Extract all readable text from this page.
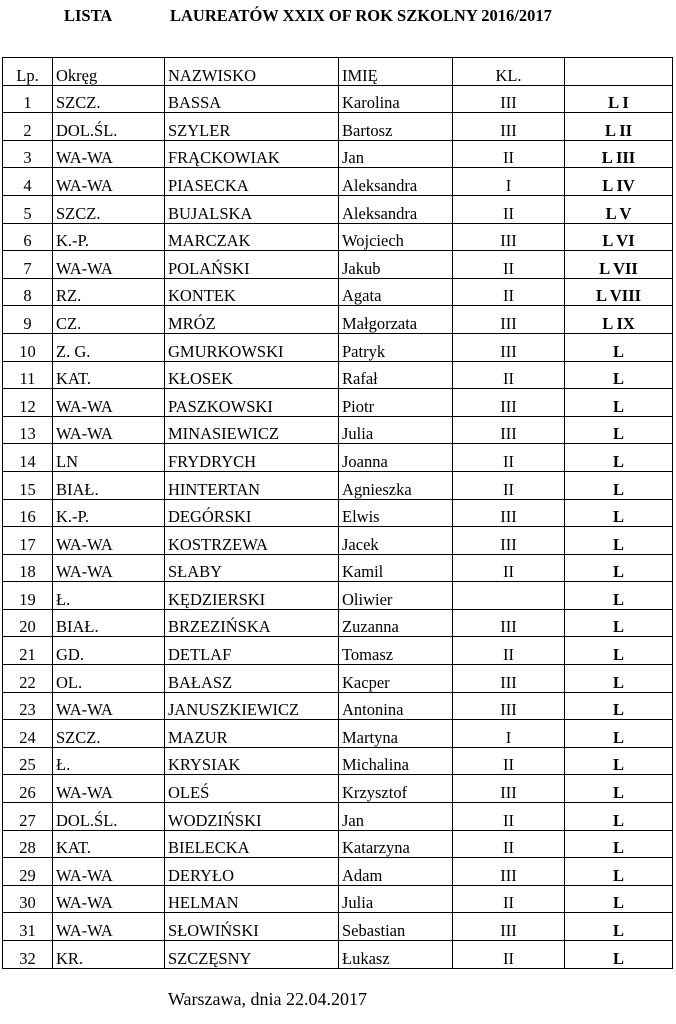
LISTA	LAUREATÓW XXIX OF ROK SZKOLNY 2016/2017
Lp.	Okręg	NAZWISKO	IMIĘ	KL.	
1	SZCZ.	BASSA	Karolina	III	L I
2	DOL.ŚL.	SZYLER	Bartosz	III	L II
3	WA-WA	FRĄCKOWIAK	Jan	II	L III
4	WA-WA	PIASECKA	Aleksandra	I	L IV
5	SZCZ.	BUJALSKA	Aleksandra	II	L V
6	K.-P.	MARCZAK	Wojciech	III	L VI
7	WA-WA	POLAŃSKI	Jakub	II	L VII
8	RZ.	KONTEK	Agata	II	L VIII
9	CZ.	MRÓZ	Małgorzata	III	L IX
10	Z. G.	GMURKOWSKI	Patryk	III	L
11	KAT.	KŁOSEK	Rafał	II	L
12	WA-WA	PASZKOWSKI	Piotr	III	L
13	WA-WA	MINASIEWICZ	Julia	III	L
14	LN	FRYDRYCH	Joanna	II	L
15	BIAŁ.	HINTERTAN	Agnieszka	II	L
16	K.-P.	DEGÓRSKI	Elwis	III	L
17	WA-WA	KOSTRZEWA	Jacek	III	L
18	WA-WA	SŁABY	Kamil	II	L
19	Ł.	KĘDZIERSKI	Oliwier		L
20	BIAŁ.	BRZEZIŃSKA	Zuzanna	III	L
21	GD.	DETLAF	Tomasz	II	L
22	OL.	BAŁASZ	Kacper	III	L
23	WA-WA	JANUSZKIEWICZ	Antonina	III	L
24	SZCZ.	MAZUR	Martyna	I	L
25	Ł.	KRYSIAK	Michalina	II	L
26	WA-WA	OLEŚ	Krzysztof	III	L
27	DOL.ŚL.	WODZIŃSKI	Jan	II	L
28	KAT.	BIELECKA	Katarzyna	II	L
29	WA-WA	DERYŁO	Adam	III	L
30	WA-WA	HELMAN	Julia	II	L
31	WA-WA	SŁOWIŃSKI	Sebastian	III	L
32	KR.	SZCZĘSNY	Łukasz	II	L
Warszawa, dnia 22.04.2017
